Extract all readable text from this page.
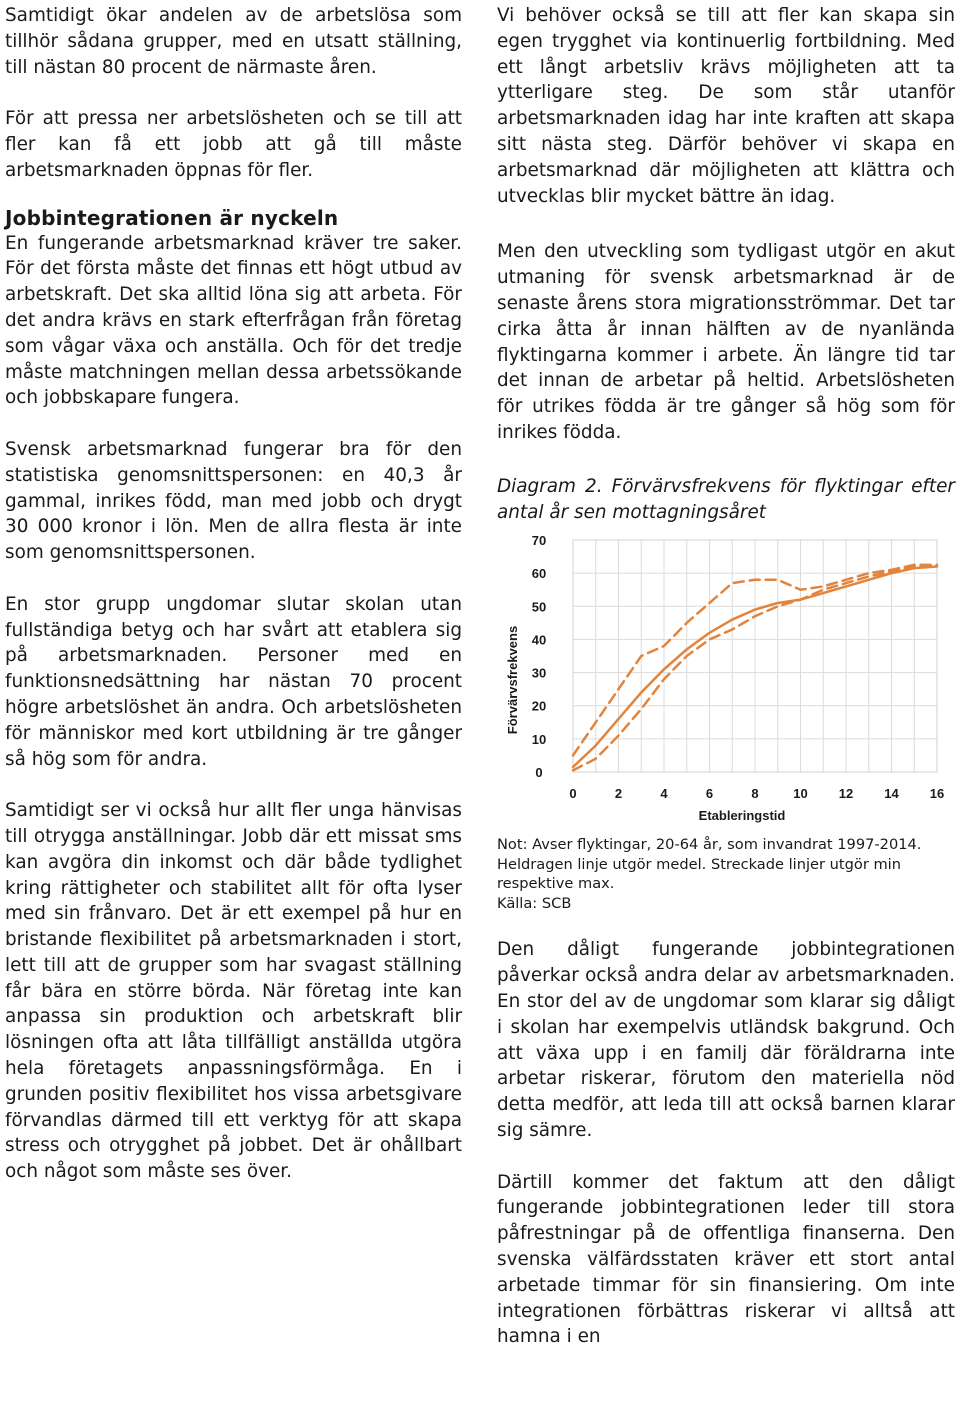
Samtidigt ökar andelen av de arbetslösa som tillhör sådana grupper, med en utsatt ställning, till nästan 80 procent de närmaste åren.

För att pressa ner arbetslösheten och se till att fler kan få ett jobb att gå till måste arbetsmarknaden öppnas för fler.

Jobbintegrationen är nyckeln

En fungerande arbetsmarknad kräver tre saker. För det första måste det finnas ett högt utbud av arbetskraft. Det ska alltid löna sig att arbeta. För det andra krävs en stark efterfrågan från företag som vågar växa och anställa. Och för det tredje måste matchningen mellan dessa arbetssökande och jobbskapare fungera.

Svensk arbetsmarknad fungerar bra för den statistiska genomsnittspersonen: en 40,3 år gammal, inrikes född, man med jobb och drygt 30 000 kronor i lön. Men de allra flesta är inte som genomsnittspersonen.

En stor grupp ungdomar slutar skolan utan fullständiga betyg och har svårt att etablera sig på arbetsmarknaden. Personer med en funktionsnedsättning har nästan 70 procent högre arbetslöshet än andra. Och arbetslösheten för människor med kort utbildning är tre gånger så hög som för andra.

Samtidigt ser vi också hur allt fler unga hänvisas till otrygga anställningar. Jobb där ett missat sms kan avgöra din inkomst och där både tydlighet kring rättigheter och stabilitet allt för ofta lyser med sin frånvaro. Det är ett exempel på hur en bristande flexibilitet på arbetsmarknaden i stort, lett till att de grupper som har svagast ställning får bära en större börda. När företag inte kan anpassa sin produktion och arbetskraft blir lösningen ofta att låta tillfälligt anställda utgöra hela företagets anpassningsförmåga. En i grunden positiv flexibilitet hos vissa arbetsgivare förvandlas därmed till ett verktyg för att skapa stress och otrygghet på jobbet. Det är ohållbart och något som måste ses över.

Vi behöver också se till att fler kan skapa sin egen trygghet via kontinuerlig fortbildning. Med ett långt arbetsliv krävs möjligheten att ta ytterligare steg. De som står utanför arbetsmarknaden idag har inte kraften att skapa sitt nästa steg. Därför behöver vi skapa en arbetsmarknad där möjligheten att klättra och utvecklas blir mycket bättre än idag.

Men den utveckling som tydligast utgör en akut utmaning för svensk arbetsmarknad är de senaste årens stora migrationsströmmar. Det tar cirka åtta år innan hälften av de nyanlända flyktingarna kommer i arbete. Än längre tid tar det innan de arbetar på heltid. Arbetslösheten för utrikes födda är tre gånger så hög som för inrikes födda.

Diagram 2. Förvärvsfrekvens för flyktingar efter antal år sen mottagningsåret

0
10
20
30
40
50
60
70
0	2	4	6	8	10 12 14 16
Förvärvsfrekvens
Etableringstid

Not: Avser flyktingar, 20-64 år, som invandrat 1997-2014. Heldragen linje utgör medel. Streckade linjer utgör min respektive max.

Källa: SCB

Den dåligt fungerande jobbintegrationen påverkar också andra delar av arbetsmarknaden. En stor del av de ungdomar som klarar sig dåligt i skolan har exempelvis utländsk bakgrund. Och att växa upp i en familj där föräldrarna inte arbetar riskerar, förutom den materiella nöd detta medför, att leda till att också barnen klarar sig sämre.

Därtill kommer det faktum att den dåligt fungerande jobbintegrationen leder till stora påfrestningar på de offentliga finanserna. Den svenska välfärdsstaten kräver ett stort antal arbetade timmar för sin finansiering. Om inte integrationen förbättras riskerar vi alltså att hamna i en
